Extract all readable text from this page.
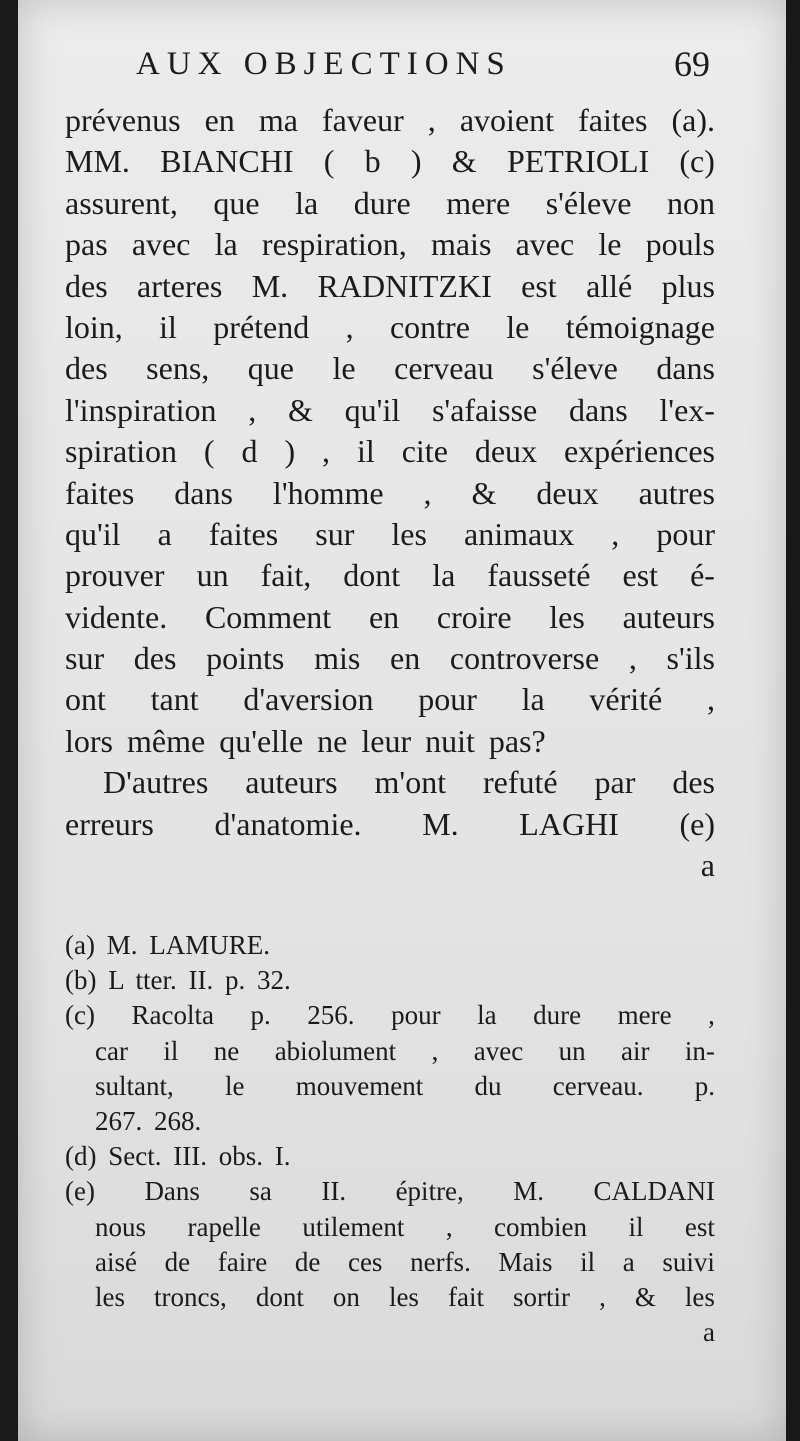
AUX OBJECTIONS	69
prévenus en ma faveur , avoient faites (a).
MM. BIANCHI ( b ) & PETRIOLI (c)
assurent, que la dure mere s'éleve non
pas avec la respiration, mais avec le pouls
des arteres M. RADNITZKI est allé plus
loin, il prétend , contre le témoignage
des sens, que le cerveau s'éleve dans
l'inspiration , & qu'il s'afaisse dans l'ex-
spiration ( d ) , il cite deux expériences
faites dans l'homme , & deux autres
qu'il a faites sur les animaux , pour
prouver un fait, dont la fausseté est é-
vidente. Comment en croire les auteurs
sur des points mis en controverse , s'ils
ont tant d'aversion pour la vérité ,
lors même qu'elle ne leur nuit pas?
D'autres auteurs m'ont refuté par des
erreurs d'anatomie. M. LAGHI (e)
a
(a) M. LAMURE.
(b) L tter. II. p. 32.
(c) Racolta p. 256. pour la dure mere ,
car il ne abiolument , avec un air in-
sultant, le mouvement du cerveau. p.
267. 268.
(d) Sect. III. obs. I.
(e) Dans sa II. épitre, M. CALDANI
nous rapelle utilement , combien il est
aisé de faire de ces nerfs. Mais il a suivi
les troncs, dont on les fait sortir , & les
a
